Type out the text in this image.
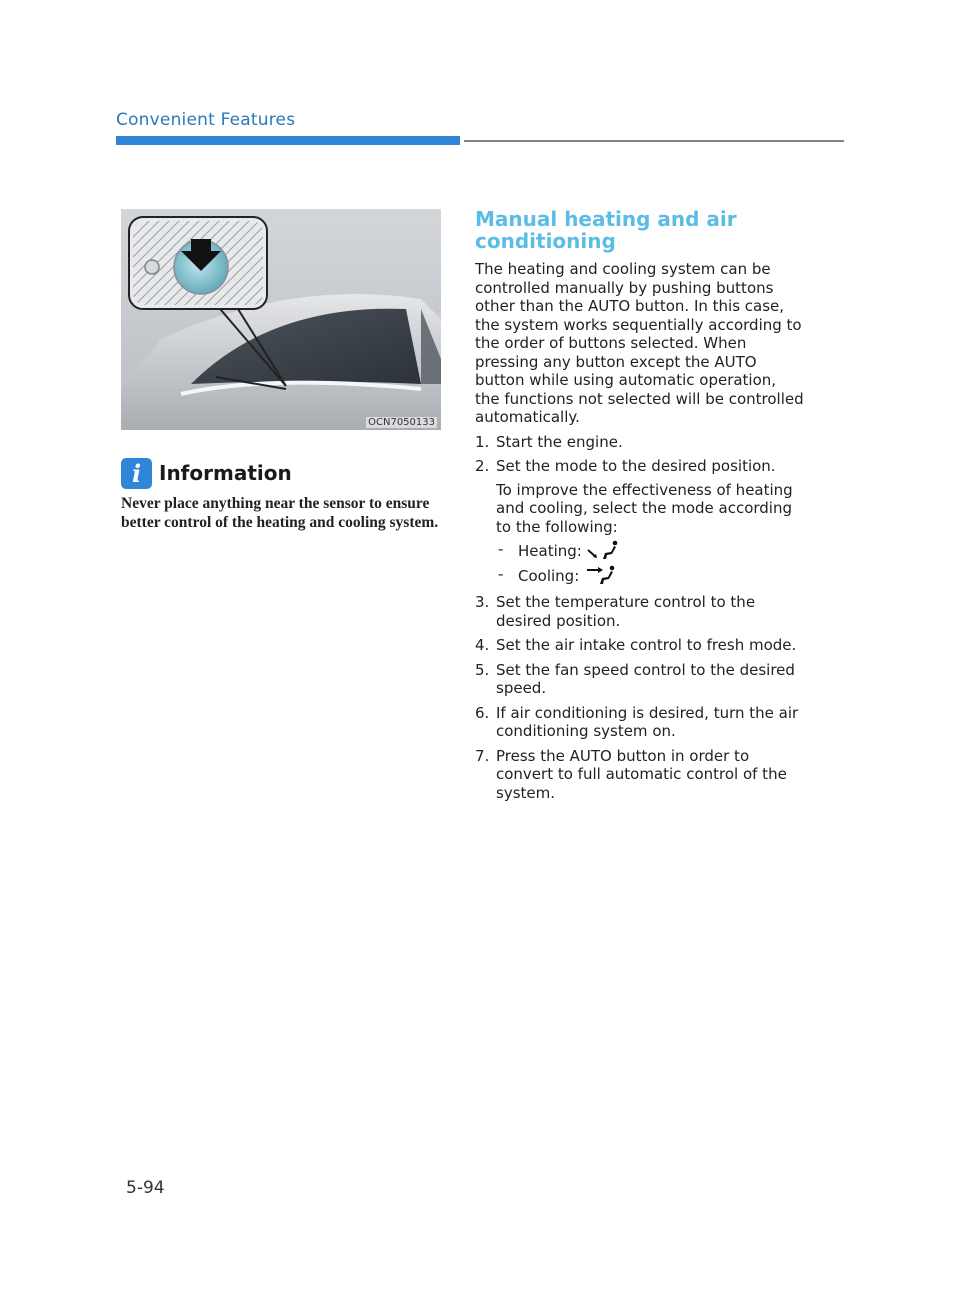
Convenient Features
OCN7050133
i Information
Never place anything near the sensor to ensure better control of the heating and cooling system.
Manual heating and air conditioning

The heating and cooling system can be controlled manually by pushing buttons other than the AUTO button. In this case, the system works sequentially according to the order of buttons selected. When pressing any button except the AUTO button while using automatic operation, the functions not selected will be controlled automatically.

1. Start the engine.
2. Set the mode to the desired position.
To improve the effectiveness of heating and cooling, select the mode according to the following:
- Heating:
- Cooling:
3. Set the temperature control to the desired position.
4. Set the air intake control to fresh mode.
5. Set the fan speed control to the desired speed.
6. If air conditioning is desired, turn the air conditioning system on.
7. Press the AUTO button in order to convert to full automatic control of the system.
5-94
